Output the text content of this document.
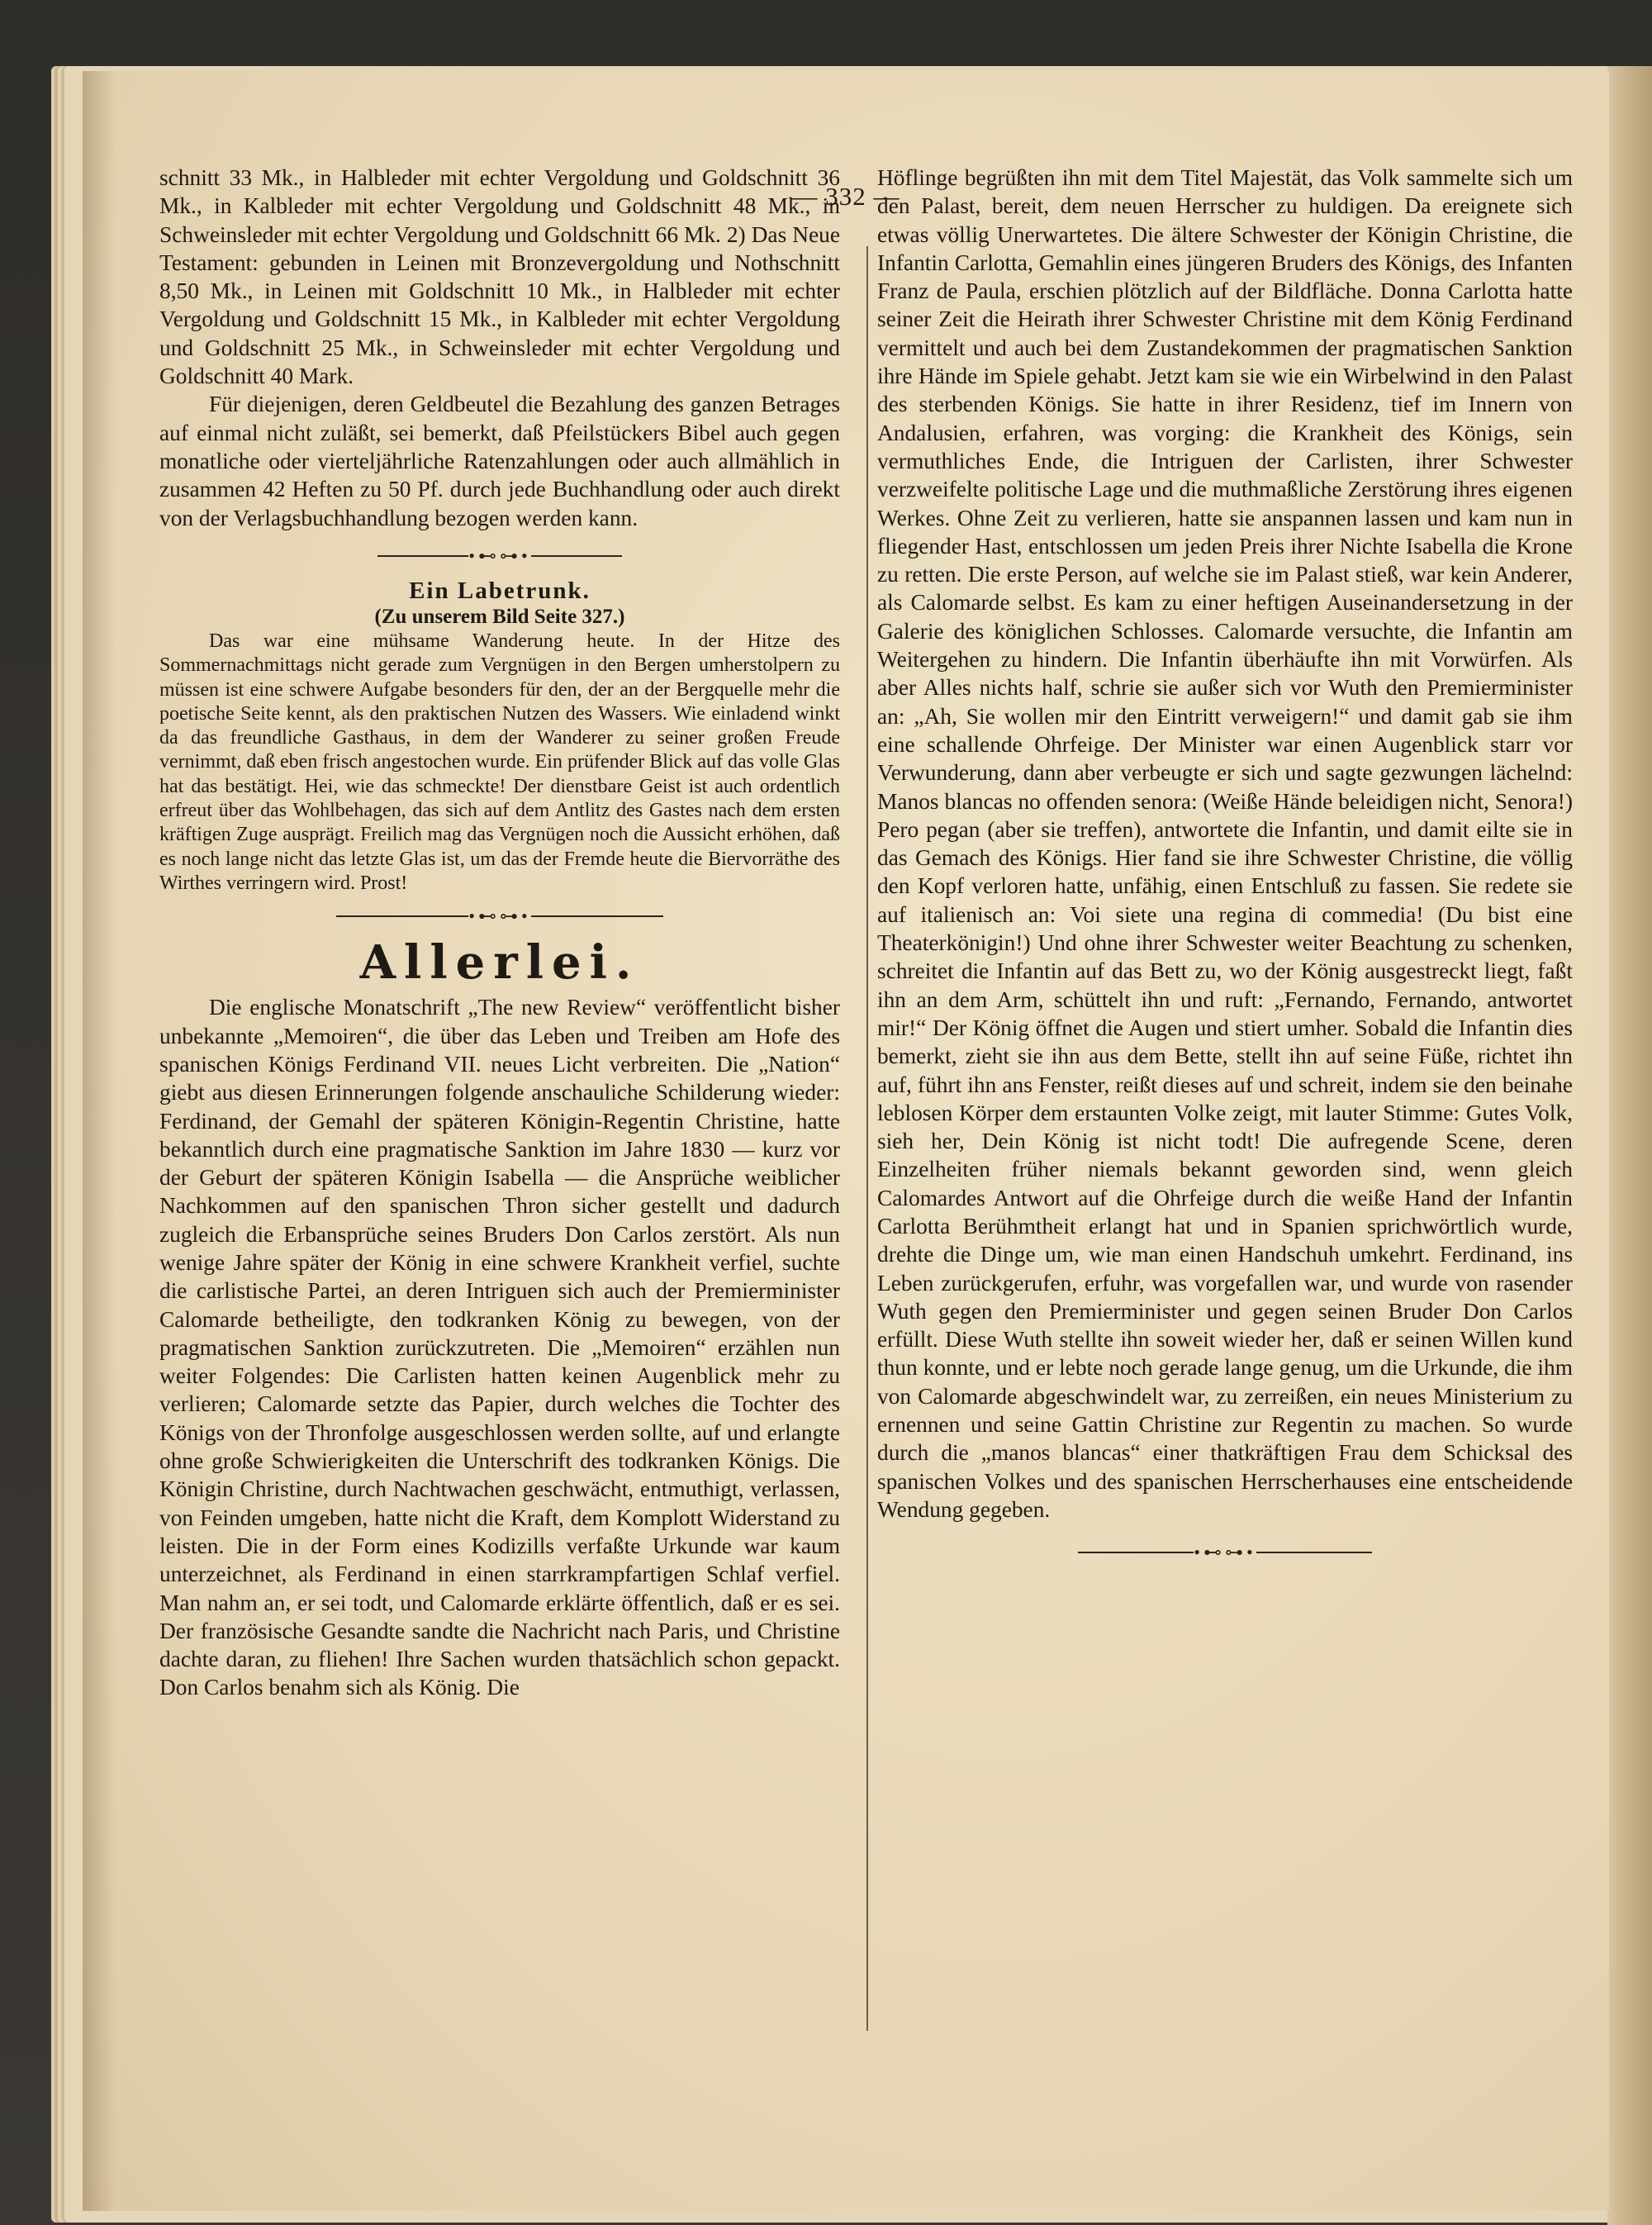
— 332 —

schnitt 33 Mk., in Halbleder mit echter Vergoldung und Goldschnitt 36 Mk., in Kalbleder mit echter Vergoldung und Goldschnitt 48 Mk., in Schweinsleder mit echter Vergoldung und Goldschnitt 66 Mk. 2) Das Neue Testament: gebunden in Leinen mit Bronzevergoldung und Nothschnitt 8,50 Mk., in Leinen mit Goldschnitt 10 Mk., in Halbleder mit echter Vergoldung und Goldschnitt 15 Mk., in Kalbleder mit echter Vergoldung und Goldschnitt 25 Mk., in Schweinsleder mit echter Vergoldung und Goldschnitt 40 Mark.

Für diejenigen, deren Geldbeutel die Bezahlung des ganzen Betrages auf einmal nicht zuläßt, sei bemerkt, daß Pfeilstückers Bibel auch gegen monatliche oder vierteljährliche Ratenzahlungen oder auch allmählich in zusammen 42 Heften zu 50 Pf. durch jede Buchhandlung oder auch direkt von der Verlagsbuchhandlung bezogen werden kann.

•⊷⊶•

Ein Labetrunk.

(Zu unserem Bild Seite 327.)

Das war eine mühsame Wanderung heute. In der Hitze des Sommernachmittags nicht gerade zum Vergnügen in den Bergen umherstolpern zu müssen ist eine schwere Aufgabe besonders für den, der an der Bergquelle mehr die poetische Seite kennt, als den praktischen Nutzen des Wassers. Wie einladend winkt da das freundliche Gasthaus, in dem der Wanderer zu seiner großen Freude vernimmt, daß eben frisch angestochen wurde. Ein prüfender Blick auf das volle Glas hat das bestätigt. Hei, wie das schmeckte! Der dienstbare Geist ist auch ordentlich erfreut über das Wohlbehagen, das sich auf dem Antlitz des Gastes nach dem ersten kräftigen Zuge ausprägt. Freilich mag das Vergnügen noch die Aussicht erhöhen, daß es noch lange nicht das letzte Glas ist, um das der Fremde heute die Biervorräthe des Wirthes verringern wird. Prost!

•⊷⊶•
Allerlei.

Die englische Monatschrift „The new Review“ veröffentlicht bisher unbekannte „Memoiren“, die über das Leben und Treiben am Hofe des spanischen Königs Ferdinand VII. neues Licht verbreiten. Die „Nation“ giebt aus diesen Erinnerungen folgende anschauliche Schilderung wieder: Ferdinand, der Gemahl der späteren Königin-Regentin Christine, hatte bekanntlich durch eine pragmatische Sanktion im Jahre 1830 — kurz vor der Geburt der späteren Königin Isabella — die Ansprüche weiblicher Nachkommen auf den spanischen Thron sicher gestellt und dadurch zugleich die Erbansprüche seines Bruders Don Carlos zerstört. Als nun wenige Jahre später der König in eine schwere Krankheit verfiel, suchte die carlistische Partei, an deren Intriguen sich auch der Premierminister Calomarde betheiligte, den todkranken König zu bewegen, von der pragmatischen Sanktion zurückzutreten. Die „Memoiren“ erzählen nun weiter Folgendes: Die Carlisten hatten keinen Augenblick mehr zu verlieren; Calomarde setzte das Papier, durch welches die Tochter des Königs von der Thronfolge ausgeschlossen werden sollte, auf und erlangte ohne große Schwierigkeiten die Unterschrift des todkranken Königs. Die Königin Christine, durch Nachtwachen geschwächt, entmuthigt, verlassen, von Feinden umgeben, hatte nicht die Kraft, dem Komplott Widerstand zu leisten. Die in der Form eines Kodizills verfaßte Urkunde war kaum unterzeichnet, als Ferdinand in einen starrkrampfartigen Schlaf verfiel. Man nahm an, er sei todt, und Calomarde erklärte öffentlich, daß er es sei. Der französische Gesandte sandte die Nachricht nach Paris, und Christine dachte daran, zu fliehen! Ihre Sachen wurden thatsächlich schon gepackt. Don Carlos benahm sich als König. Die

Höflinge begrüßten ihn mit dem Titel Majestät, das Volk sammelte sich um den Palast, bereit, dem neuen Herrscher zu huldigen. Da ereignete sich etwas völlig Unerwartetes. Die ältere Schwester der Königin Christine, die Infantin Carlotta, Gemahlin eines jüngeren Bruders des Königs, des Infanten Franz de Paula, erschien plötzlich auf der Bildfläche. Donna Carlotta hatte seiner Zeit die Heirath ihrer Schwester Christine mit dem König Ferdinand vermittelt und auch bei dem Zustandekommen der pragmatischen Sanktion ihre Hände im Spiele gehabt. Jetzt kam sie wie ein Wirbelwind in den Palast des sterbenden Königs. Sie hatte in ihrer Residenz, tief im Innern von Andalusien, erfahren, was vorging: die Krankheit des Königs, sein vermuthliches Ende, die Intriguen der Carlisten, ihrer Schwester verzweifelte politische Lage und die muthmaßliche Zerstörung ihres eigenen Werkes. Ohne Zeit zu verlieren, hatte sie anspannen lassen und kam nun in fliegender Hast, entschlossen um jeden Preis ihrer Nichte Isabella die Krone zu retten. Die erste Person, auf welche sie im Palast stieß, war kein Anderer, als Calomarde selbst. Es kam zu einer heftigen Auseinandersetzung in der Galerie des königlichen Schlosses. Calomarde versuchte, die Infantin am Weitergehen zu hindern. Die Infantin überhäufte ihn mit Vorwürfen. Als aber Alles nichts half, schrie sie außer sich vor Wuth den Premierminister an: „Ah, Sie wollen mir den Eintritt verweigern!“ und damit gab sie ihm eine schallende Ohrfeige. Der Minister war einen Augenblick starr vor Verwunderung, dann aber verbeugte er sich und sagte gezwungen lächelnd: Manos blancas no offenden senora: (Weiße Hände beleidigen nicht, Senora!) Pero pegan (aber sie treffen), antwortete die Infantin, und damit eilte sie in das Gemach des Königs. Hier fand sie ihre Schwester Christine, die völlig den Kopf verloren hatte, unfähig, einen Entschluß zu fassen. Sie redete sie auf italienisch an: Voi siete una regina di commedia! (Du bist eine Theaterkönigin!) Und ohne ihrer Schwester weiter Beachtung zu schenken, schreitet die Infantin auf das Bett zu, wo der König ausgestreckt liegt, faßt ihn an dem Arm, schüttelt ihn und ruft: „Fernando, Fernando, antwortet mir!“ Der König öffnet die Augen und stiert umher. Sobald die Infantin dies bemerkt, zieht sie ihn aus dem Bette, stellt ihn auf seine Füße, richtet ihn auf, führt ihn ans Fenster, reißt dieses auf und schreit, indem sie den beinahe leblosen Körper dem erstaunten Volke zeigt, mit lauter Stimme: Gutes Volk, sieh her, Dein König ist nicht todt! Die aufregende Scene, deren Einzelheiten früher niemals bekannt geworden sind, wenn gleich Calomardes Antwort auf die Ohrfeige durch die weiße Hand der Infantin Carlotta Berühmtheit erlangt hat und in Spanien sprichwörtlich wurde, drehte die Dinge um, wie man einen Handschuh umkehrt. Ferdinand, ins Leben zurückgerufen, erfuhr, was vorgefallen war, und wurde von rasender Wuth gegen den Premierminister und gegen seinen Bruder Don Carlos erfüllt. Diese Wuth stellte ihn soweit wieder her, daß er seinen Willen kund thun konnte, und er lebte noch gerade lange genug, um die Urkunde, die ihm von Calomarde abgeschwindelt war, zu zerreißen, ein neues Ministerium zu ernennen und seine Gattin Christine zur Regentin zu machen. So wurde durch die „manos blancas“ einer thatkräftigen Frau dem Schicksal des spanischen Volkes und des spanischen Herrscherhauses eine entscheidende Wendung gegeben.

•⊷⊶•
